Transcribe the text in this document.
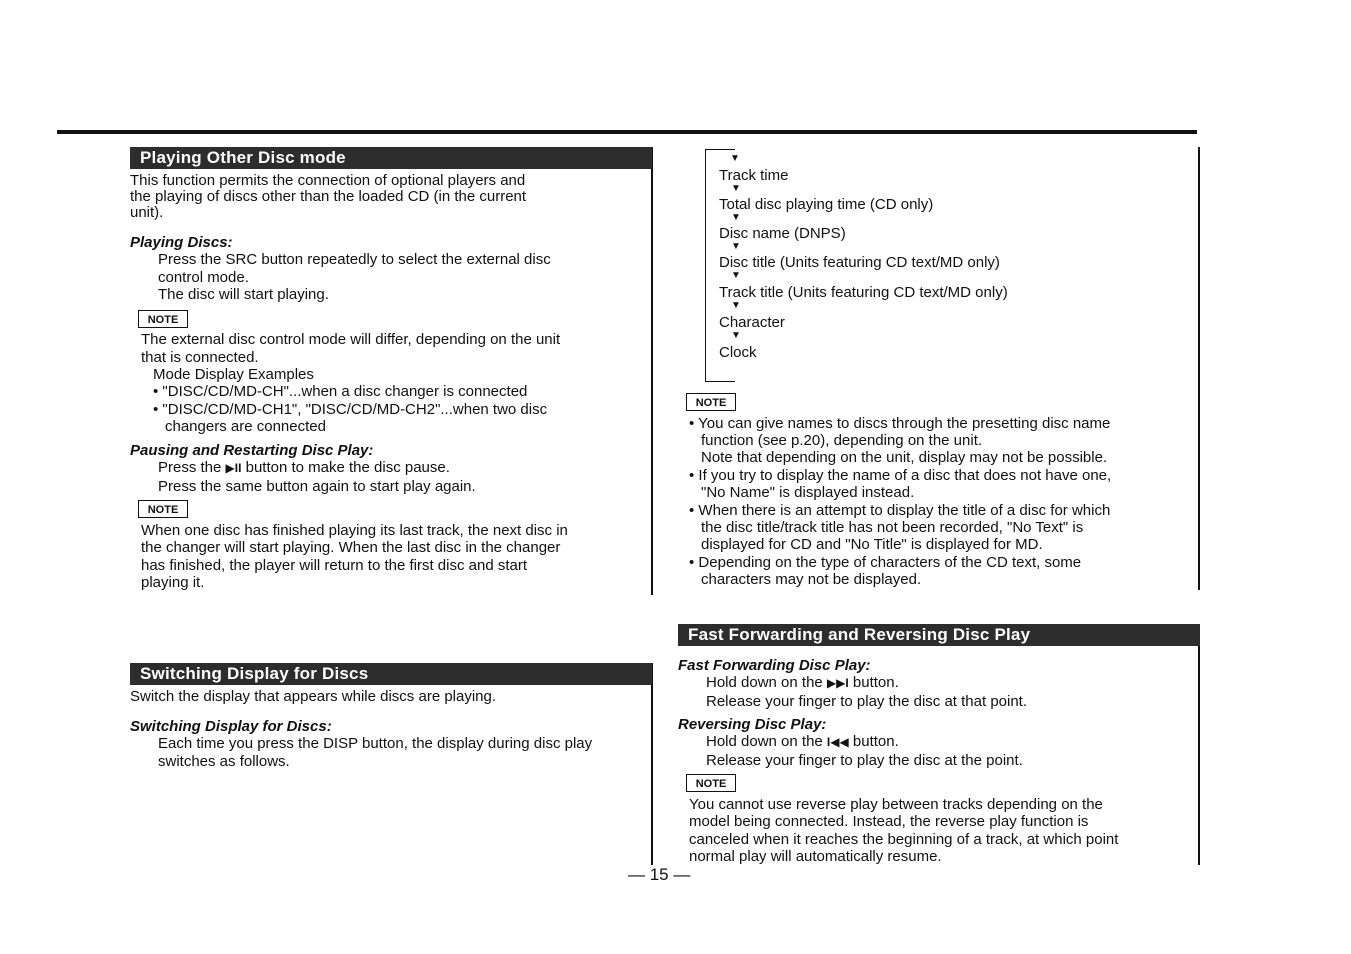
Playing Other Disc mode
This function permits the connection of optional players and
the playing of discs other than the loaded CD (in the current
unit).
Playing Discs:
Press the SRC button repeatedly to select the external disc
control mode.
The disc will start playing.
NOTE
The external disc control mode will differ, depending on the unit
that is connected.
Mode Display Examples
• "DISC/CD/MD-CH"...when a disc changer is connected
• "DISC/CD/MD-CH1", "DISC/CD/MD-CH2"...when two disc
changers are connected
Pausing and Restarting Disc Play:
Press the ▶II button to make the disc pause.
Press the same button again to start play again.
NOTE
When one disc has finished playing its last track, the next disc in
the changer will start playing. When the last disc in the changer
has finished, the player will return to the first disc and start
playing it.
Switching Display for Discs
Switch the display that appears while discs are playing.
Switching Display for Discs:
Each time you press the DISP button, the display during disc play
switches as follows.
▼
Track time
▼
Total disc playing time (CD only)
▼
Disc name (DNPS)
▼
Disc title (Units featuring CD text/MD only)
▼
Track title (Units featuring CD text/MD only)
▼
Character
▼
Clock
NOTE
• You can give names to discs through the presetting disc name
function (see p.20), depending on the unit.
Note that depending on the unit, display may not be possible.
• If you try to display the name of a disc that does not have one,
"No Name" is displayed instead.
• When there is an attempt to display the title of a disc for which
the disc title/track title has not been recorded, "No Text" is
displayed for CD and "No Title" is displayed for MD.
• Depending on the type of characters of the CD text, some
characters may not be displayed.
Fast Forwarding and Reversing Disc Play
Fast Forwarding Disc Play:
Hold down on the ▶▶I button.
Release your finger to play the disc at that point.
Reversing Disc Play:
Hold down on the I◀◀ button.
Release your finger to play the disc at the point.
NOTE
You cannot use reverse play between tracks depending on the
model being connected. Instead, the reverse play function is
canceled when it reaches the beginning of a track, at which point
normal play will automatically resume.
— 15 —
